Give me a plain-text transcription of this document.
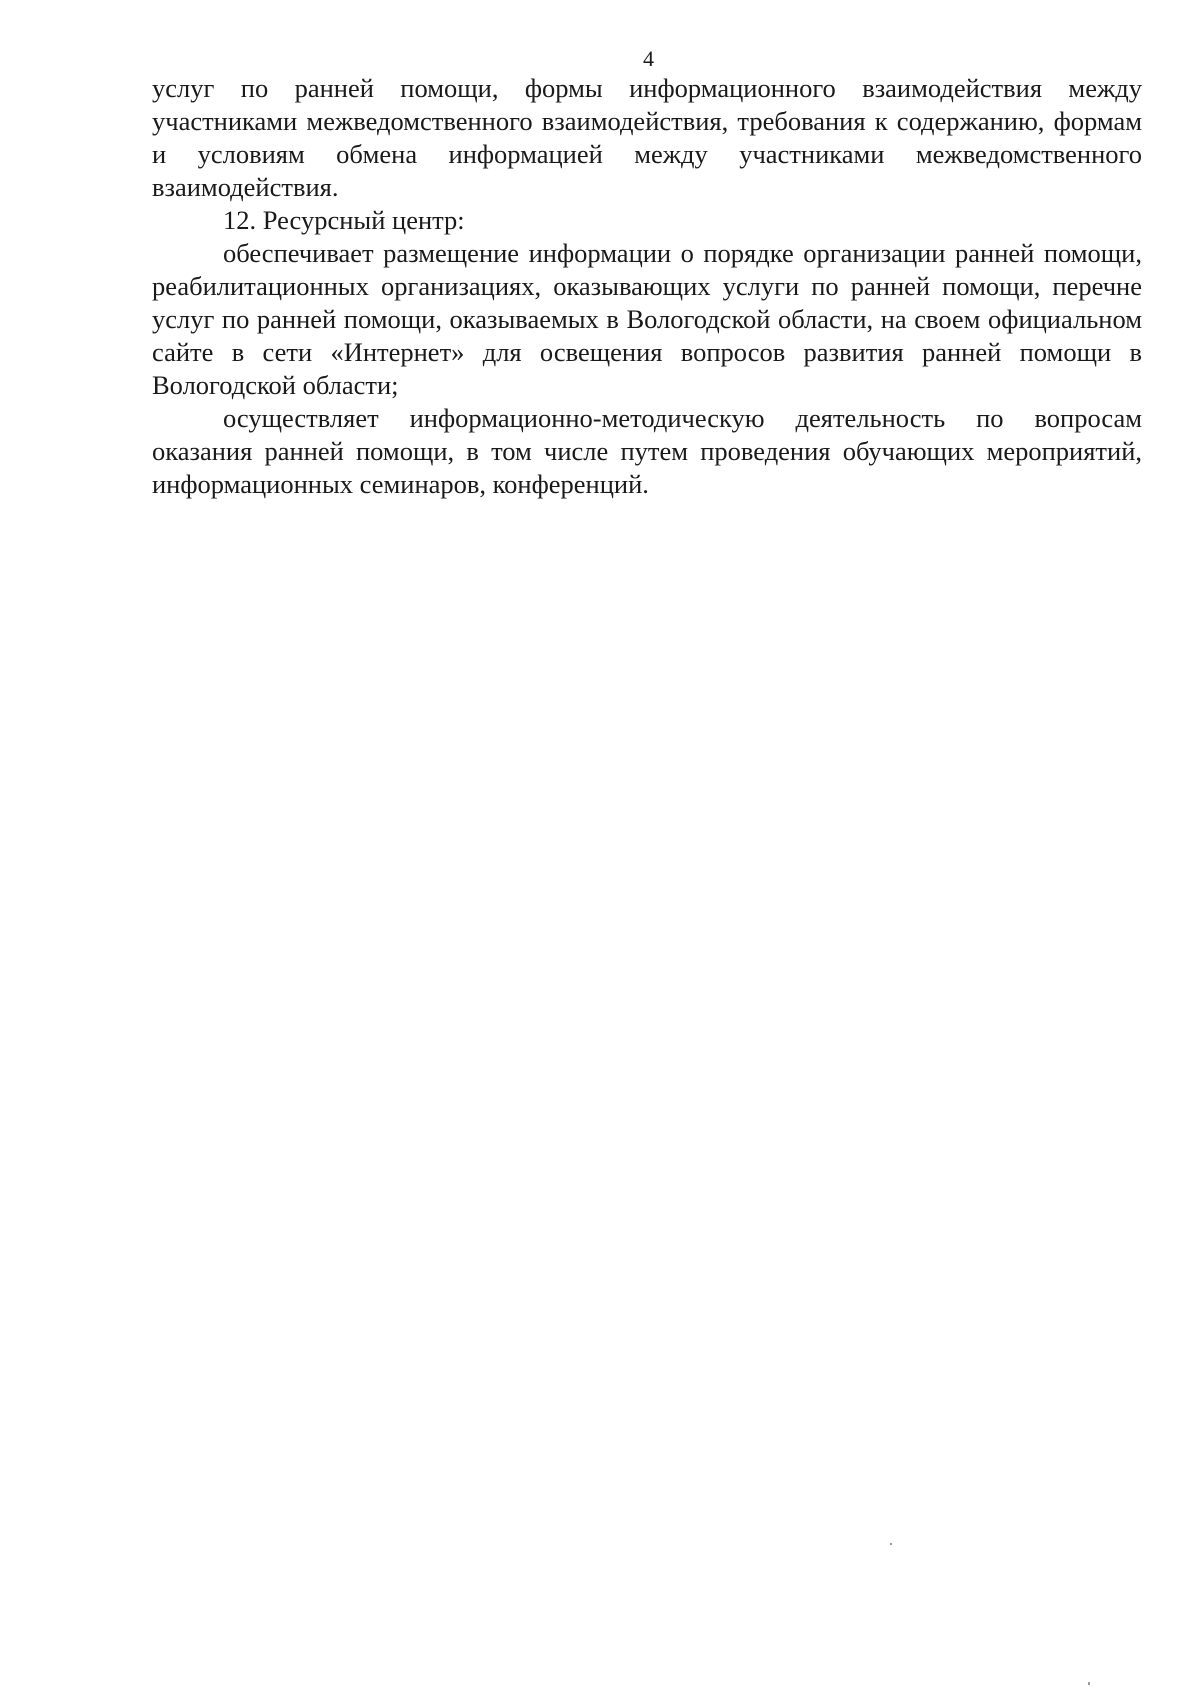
4

услуг по ранней помощи, формы информационного взаимодействия между участниками межведомственного взаимодействия, требования к содержанию, формам и условиям обмена информацией между участниками межведомственного взаимодействия.

12. Ресурсный центр:

обеспечивает размещение информации о порядке организации ранней помощи, реабилитационных организациях, оказывающих услуги по ранней помощи, перечне услуг по ранней помощи, оказываемых в Вологодской области, на своем официальном сайте в сети «Интернет» для освещения вопросов развития ранней помощи в Вологодской области;

осуществляет информационно-методическую деятельность по вопросам оказания ранней помощи, в том числе путем проведения обучающих мероприятий, информационных семинаров, конференций.
